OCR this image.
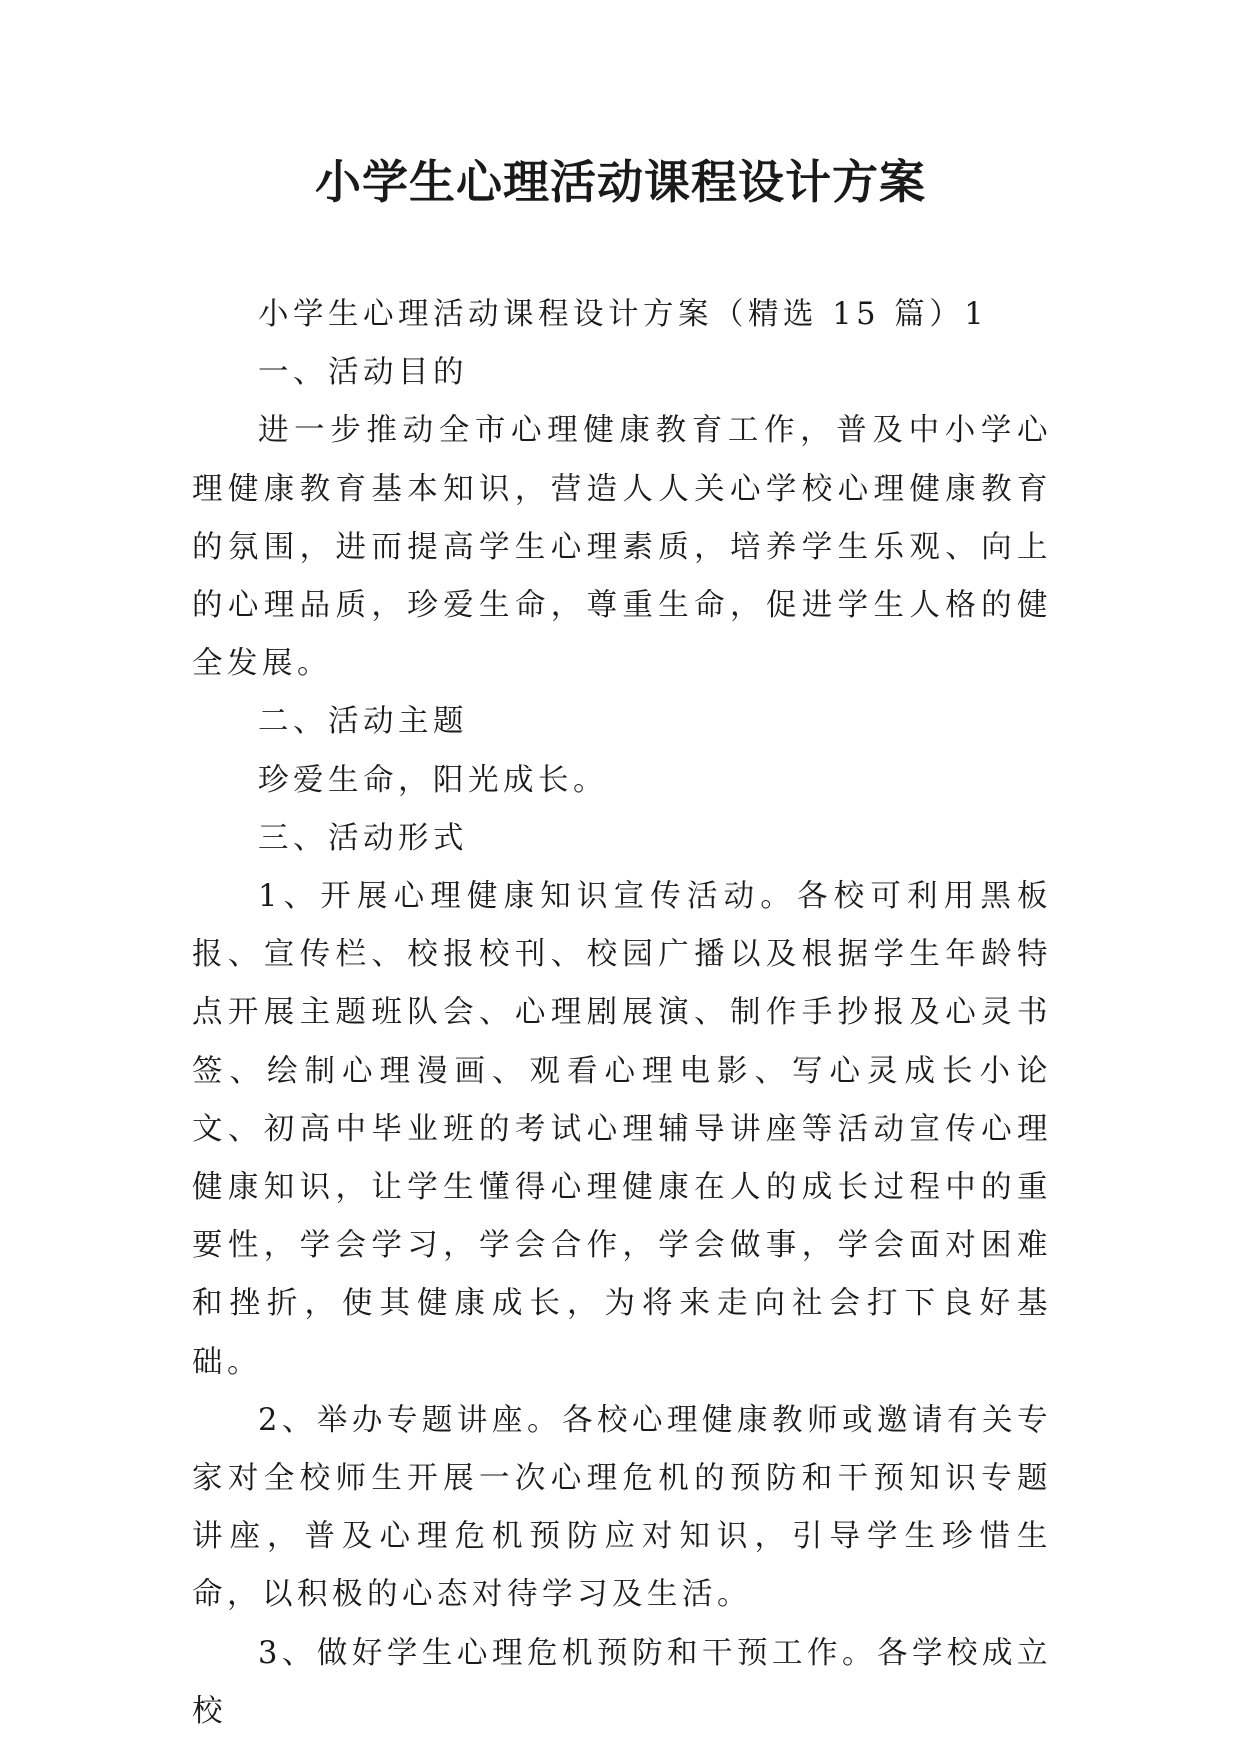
小学生心理活动课程设计方案

小学生心理活动课程设计方案（精选 15 篇）1

一、活动目的

进一步推动全市心理健康教育工作，普及中小学心理健康教育基本知识，营造人人关心学校心理健康教育的氛围，进而提高学生心理素质，培养学生乐观、向上的心理品质，珍爱生命，尊重生命，促进学生人格的健全发展。

二、活动主题

珍爱生命，阳光成长。

三、活动形式

1、开展心理健康知识宣传活动。各校可利用黑板报、宣传栏、校报校刊、校园广播以及根据学生年龄特点开展主题班队会、心理剧展演、制作手抄报及心灵书签、绘制心理漫画、观看心理电影、写心灵成长小论文、初高中毕业班的考试心理辅导讲座等活动宣传心理健康知识，让学生懂得心理健康在人的成长过程中的重要性，学会学习，学会合作，学会做事，学会面对困难和挫折，使其健康成长，为将来走向社会打下良好基础。

2、举办专题讲座。各校心理健康教师或邀请有关专家对全校师生开展一次心理危机的预防和干预知识专题讲座，普及心理危机预防应对知识，引导学生珍惜生命，以积极的心态对待学习及生活。

3、做好学生心理危机预防和干预工作。各学校成立校
